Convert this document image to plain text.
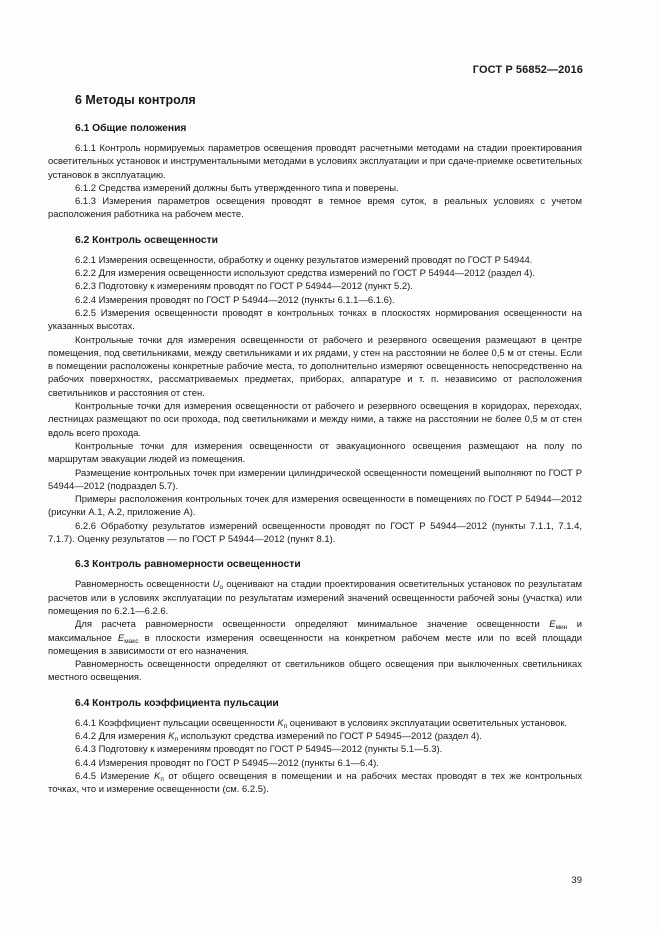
ГОСТ Р 56852—2016
6 Методы контроля
6.1 Общие положения

6.1.1 Контроль нормируемых параметров освещения проводят расчетными методами на стадии проектирования осветительных установок и инструментальными методами в условиях эксплуатации и при сдаче-приемке осветительных установок в эксплуатацию.

6.1.2 Средства измерений должны быть утвержденного типа и поверены.

6.1.3 Измерения параметров освещения проводят в темное время суток, в реальных условиях с учетом расположения работника на рабочем месте.

6.2 Контроль освещенности

6.2.1 Измерения освещенности, обработку и оценку результатов измерений проводят по ГОСТ Р 54944.

6.2.2 Для измерения освещенности используют средства измерений по ГОСТ Р 54944—2012 (раздел 4).

6.2.3 Подготовку к измерениям проводят по ГОСТ Р 54944—2012 (пункт 5.2).

6.2.4 Измерения проводят по ГОСТ Р 54944—2012 (пункты 6.1.1—6.1.6).

6.2.5 Измерения освещенности проводят в контрольных точках в плоскостях нормирования освещенности на указанных высотах.

Контрольные точки для измерения освещенности от рабочего и резервного освещения размещают в центре помещения, под светильниками, между светильниками и их рядами, у стен на расстоянии не более 0,5 м от стены. Если в помещении расположены конкретные рабочие места, то дополнительно измеряют освещенность непосредственно на рабочих поверхностях, рассматриваемых предметах, приборах, аппаратуре и т. п. независимо от расположения светильников и расстояния от стен.

Контрольные точки для измерения освещенности от рабочего и резервного освещения в коридорах, переходах, лестницах размещают по оси прохода, под светильниками и между ними, а также на расстоянии не более 0,5 м от стен вдоль всего прохода.

Контрольные точки для измерения освещенности от эвакуационного освещения размещают на полу по маршрутам эвакуации людей из помещения.

Размещение контрольных точек при измерении цилиндрической освещенности помещений выполняют по ГОСТ Р 54944—2012 (подраздел 5.7).

Примеры расположения контрольных точек для измерения освещенности в помещениях по ГОСТ Р 54944—2012 (рисунки А.1, А.2, приложение А).

6.2.6 Обработку результатов измерений освещенности проводят по ГОСТ Р 54944—2012 (пункты 7.1.1, 7.1.4, 7.1.7). Оценку результатов — по ГОСТ Р 54944—2012 (пункт 8.1).

6.3 Контроль равномерности освещенности

Равномерность освещенности $U_o$ оценивают на стадии проектирования осветительных установок по результатам расчетов или в условиях эксплуатации по результатам измерений значений освещенности рабочей зоны (участка) или помещения по 6.2.1—6.2.6.

Для расчета равномерности освещенности определяют минимальное значение освещенности $E_{мин}$ и максимальное $E_{макс}$ в плоскости измерения освещенности на конкретном рабочем месте или по всей площади помещения в зависимости от его назначения.

Равномерность освещенности определяют от светильников общего освещения при выключенных светильниках местного освещения.

6.4 Контроль коэффициента пульсации

6.4.1 Коэффициент пульсации освещенности $K_п$ оценивают в условиях эксплуатации осветительных установок.

6.4.2 Для измерения $K_п$ используют средства измерений по ГОСТ Р 54945—2012 (раздел 4).

6.4.3 Подготовку к измерениям проводят по ГОСТ Р 54945—2012 (пункты 5.1—5.3).

6.4.4 Измерения проводят по ГОСТ Р 54945—2012 (пункты 6.1—6.4).

6.4.5 Измерение $K_п$ от общего освещения в помещении и на рабочих местах проводят в тех же контрольных точках, что и измерение освещенности (см. 6.2.5).

39
